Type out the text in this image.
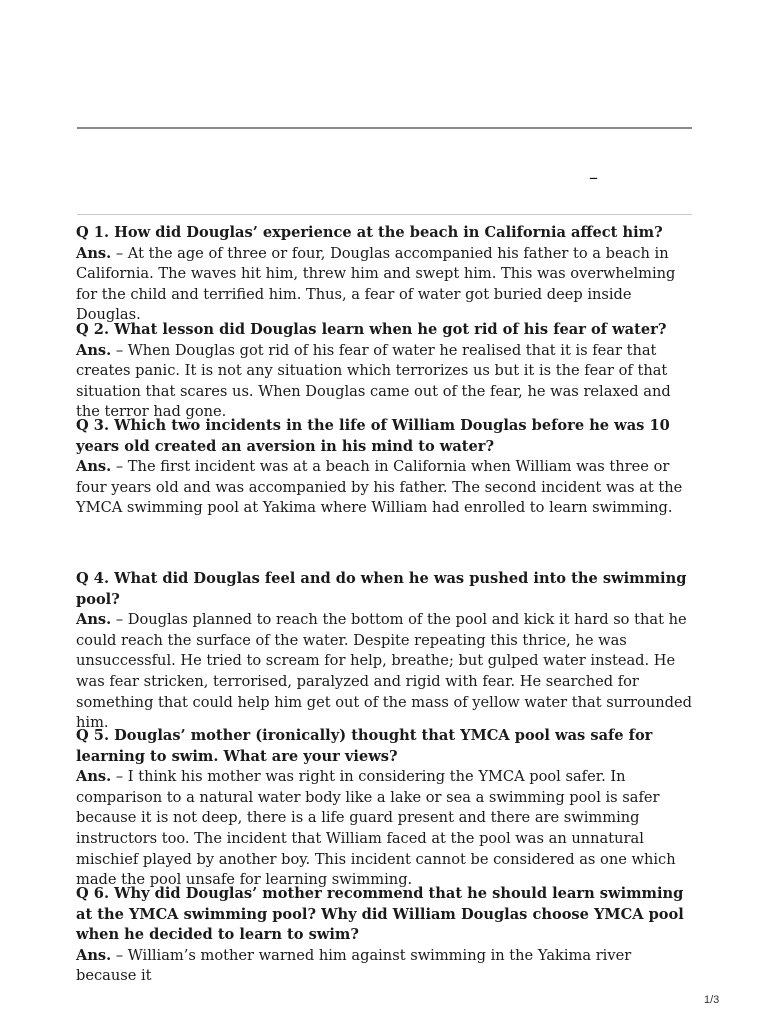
–
Q 1. How did Douglas’ experience at the beach in California affect him?
Ans. – At the age of three or four, Douglas accompanied his father to a beach in California. The waves hit him, threw him and swept him. This was overwhelming for the child and terrified him. Thus, a fear of water got buried deep inside Douglas.
Q 2. What lesson did Douglas learn when he got rid of his fear of water?
Ans. – When Douglas got rid of his fear of water he realised that it is fear that creates panic. It is not any situation which terrorizes us but it is the fear of that situation that scares us. When Douglas came out of the fear, he was relaxed and the terror had gone.
Q 3. Which two incidents in the life of William Douglas before he was 10 years old created an aversion in his mind to water?
Ans. – The first incident was at a beach in California when William was three or four years old and was accompanied by his father. The second incident was at the YMCA swimming pool at Yakima where William had enrolled to learn swimming.
Q 4. What did Douglas feel and do when he was pushed into the swimming pool?
Ans. – Douglas planned to reach the bottom of the pool and kick it hard so that he could reach the surface of the water. Despite repeating this thrice, he was unsuccessful. He tried to scream for help, breathe; but gulped water instead. He was fear stricken, terrorised, paralyzed and rigid with fear. He searched for something that could help him get out of the mass of yellow water that surrounded him.
Q 5. Douglas’ mother (ironically) thought that YMCA pool was safe for learning to swim. What are your views?
Ans. – I think his mother was right in considering the YMCA pool safer. In comparison to a natural water body like a lake or sea a swimming pool is safer because it is not deep, there is a life guard present and there are swimming instructors too. The incident that William faced at the pool was an unnatural mischief played by another boy. This incident cannot be considered as one which made the pool unsafe for learning swimming.
Q 6. Why did Douglas’ mother recommend that he should learn swimming at the YMCA swimming pool? Why did William Douglas choose YMCA pool when he decided to learn to swim?
Ans. – William’s mother warned him against swimming in the Yakima river because it
1/3
